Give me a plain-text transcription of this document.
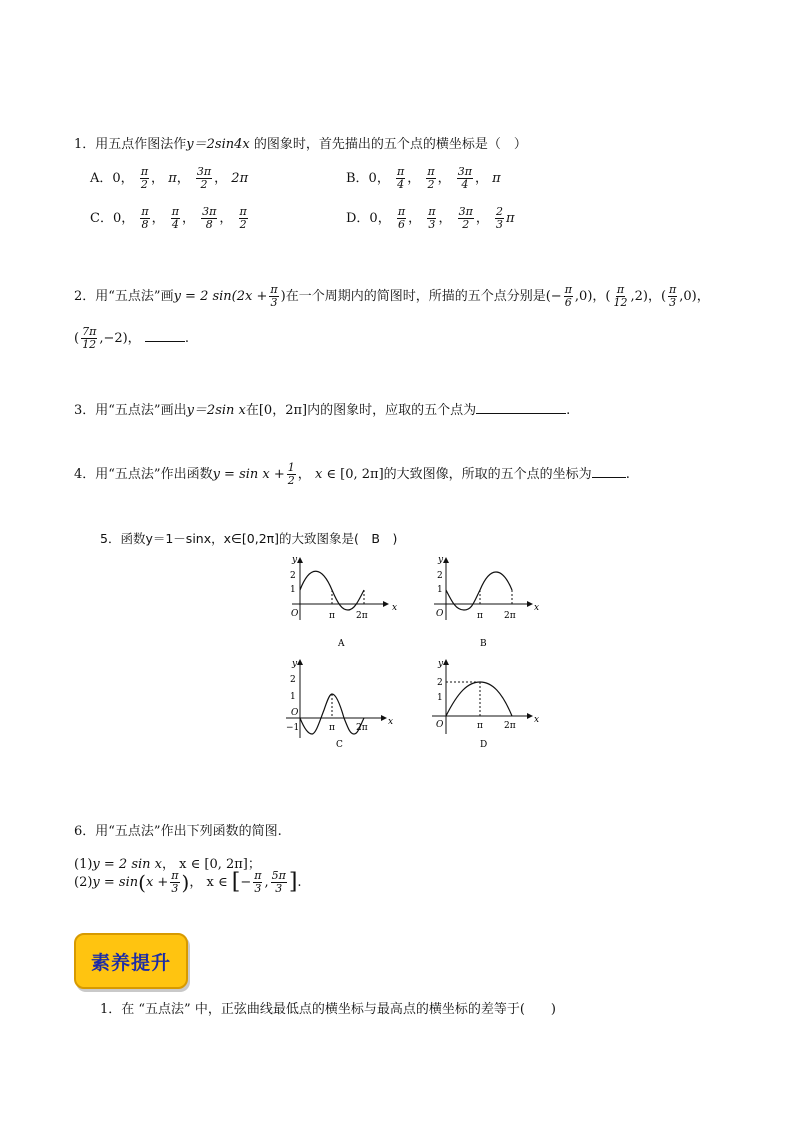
1．用五点作图法作y＝2sin4x 的图象时，首先描出的五个点的横坐标是（　）
A．0， $\frac{\pi}{2}$ ， π， $\frac{3\pi}{2}$ ， 2π	B．0， $\frac{\pi}{4}$ ， $\frac{\pi}{2}$ ， $\frac{3\pi}{4}$ ， π
C．0， $\frac{\pi}{8}$ ， $\frac{\pi}{4}$ ， $\frac{3\pi}{8}$ ， $\frac{\pi}{2}$	D．0， $\frac{\pi}{6}$ ， $\frac{\pi}{3}$ ， $\frac{3\pi}{2}$ ， $\frac{2}{3}$ π
2．用“五点法”画y = 2 $\sin(2x + \frac{\pi}{3}$ )在一个周期内的简图时，所描的五个点分别是(− $\frac{\pi}{6} ,0$)，( $\frac{\pi}{12} ,2$)，( $\frac{\pi}{3} ,0$)，
( $\frac{7\pi}{12} ,-2$)，	.
3．用“五点法”画出y＝2sin x在[0，2π]内的图象时，应取的五个点为	.
4．用“五点法”作出函数$y = \sin x + \frac{1}{2}$ ， x ∈ [0, 2π]的大致图像，所取的五个点的坐标为	.
5．函数y＝1－sinx，x∈[0,2π]的大致图象是(　B　)
x
y
2
1
O	π 2π
A
x
y
2
1
O	π 2π
B
x
y
2
1
O
−1	π 2π
C
x
y
2
1
O	π 2π
D
6．用“五点法”作出下列函数的简图.
(1)y = 2 sin x， x ∈ [0, 2π]；
$(2)y = \sin(x + \frac{\pi}{3}$ )， x ∈ [− $\frac{\pi}{3}$ , $\frac{5\pi}{3}$ ].
素养提升
1．在 “五点法” 中，正弦曲线最低点的横坐标与最高点的横坐标的差等于(　　)
